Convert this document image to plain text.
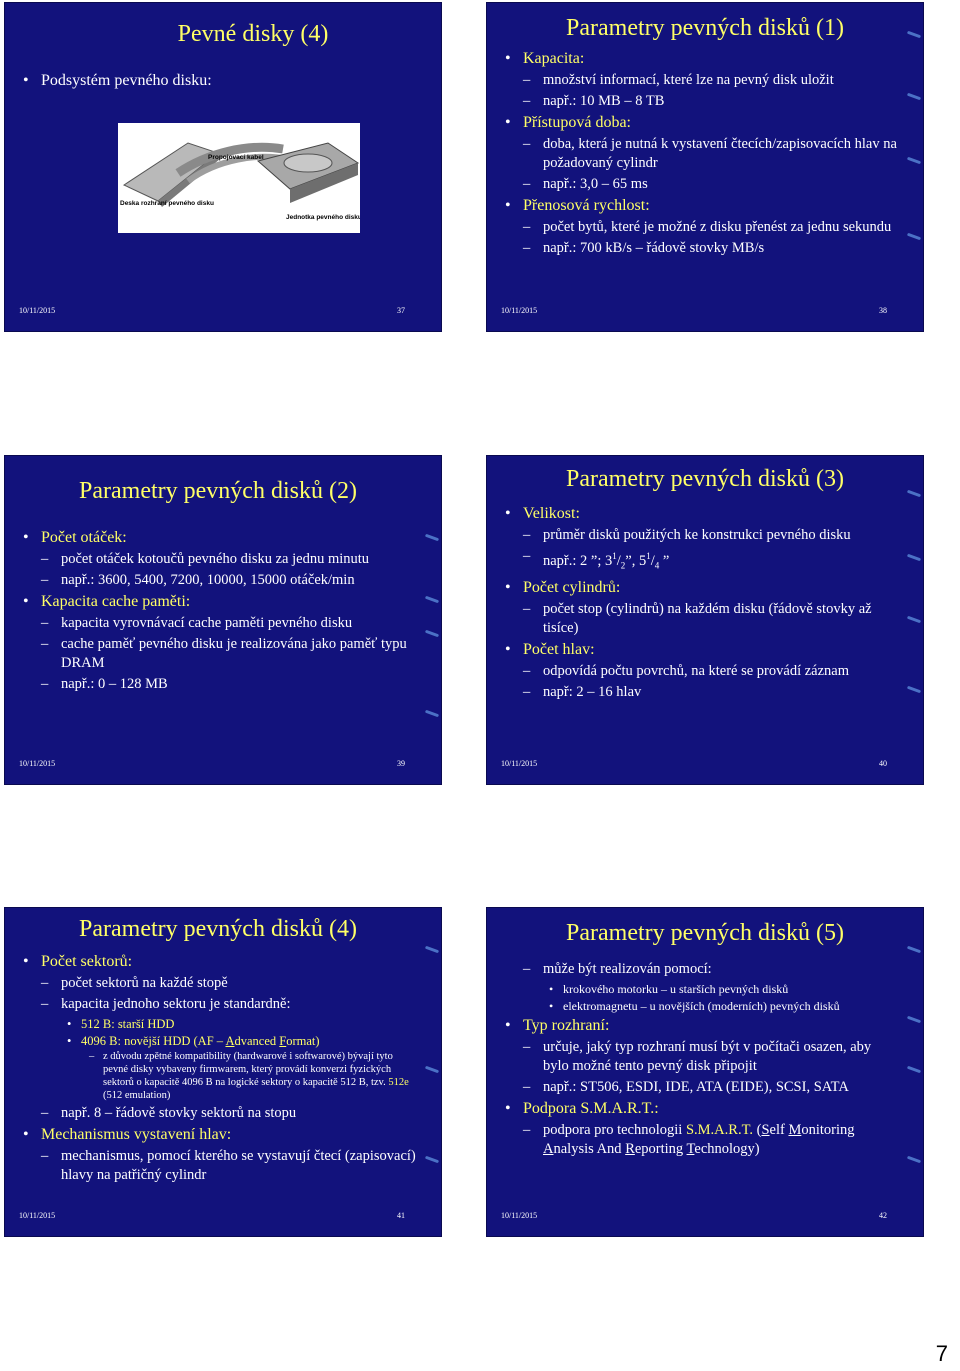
Pevné disky (4)
• Podsystém pevného disku:
Propojovací kabel
Deska rozhraní pevného disku
Jednotka pevného disku
10/11/2015	37
Parametry pevných disků (1)
• Kapacita:
– množství informací, které lze na pevný disk uložit
– např.: 10 MB – 8 TB
• Přístupová doba:
– doba, která je nutná k vystavení čtecích/zapisovacích hlav na požadovaný cylindr
– např.: 3,0 – 65 ms
• Přenosová rychlost:
– počet bytů, které je možné z disku přenést za jednu sekundu
– např.: 700 kB/s – řádově stovky MB/s
10/11/2015	38
Parametry pevných disků (2)
• Počet otáček:
– počet otáček kotoučů pevného disku za jednu minutu
– např.: 3600, 5400, 7200, 10000, 15000 otáček/min
• Kapacita cache paměti:
– kapacita vyrovnávací cache paměti pevného disku
– cache paměť pevného disku je realizována jako paměť typu DRAM
– např.: 0 – 128 MB
10/11/2015	39
Parametry pevných disků (3)
• Velikost:
– průměr disků použitých ke konstrukci pevného disku
– např.: 2 ”; $3^1/_2$”, $5^1/_4$ ”
• Počet cylindrů:
– počet stop (cylindrů) na každém disku (řádově stovky až tisíce)
• Počet hlav:
– odpovídá počtu povrchů, na které se provádí záznam
– např: 2 – 16 hlav
10/11/2015	40
Parametry pevných disků (4)
• Počet sektorů:
– počet sektorů na každé stopě
– kapacita jednoho sektoru je standardně:
• 512 B: starší HDD
• 4096 B: novější HDD (AF – Advanced Format)
– z důvodu zpětné kompatibility (hardwarové i softwarové) bývají tyto pevné disky vybaveny firmwarem, který provádí konverzi fyzických sektorů o kapacitě 4096 B na logické sektory o kapacitě 512 B, tzv. 512e (512 emulation)
– např. 8 – řádově stovky sektorů na stopu
• Mechanismus vystavení hlav:
– mechanismus, pomocí kterého se vystavují čtecí (zapisovací) hlavy na patřičný cylindr
10/11/2015	41
Parametry pevných disků (5)
– může být realizován pomocí:
• krokového motorku – u starších pevných disků
• elektromagnetu – u novějších (moderních) pevných disků
• Typ rozhraní:
– určuje, jaký typ rozhraní musí být v počítači osazen, aby bylo možné tento pevný disk připojit
– např.: ST506, ESDI, IDE, ATA (EIDE), SCSI, SATA
• Podpora S.M.A.R.T.:
– podpora pro technologii S.M.A.R.T. (Self Monitoring Analysis And Reporting Technology)
10/11/2015	42
7
